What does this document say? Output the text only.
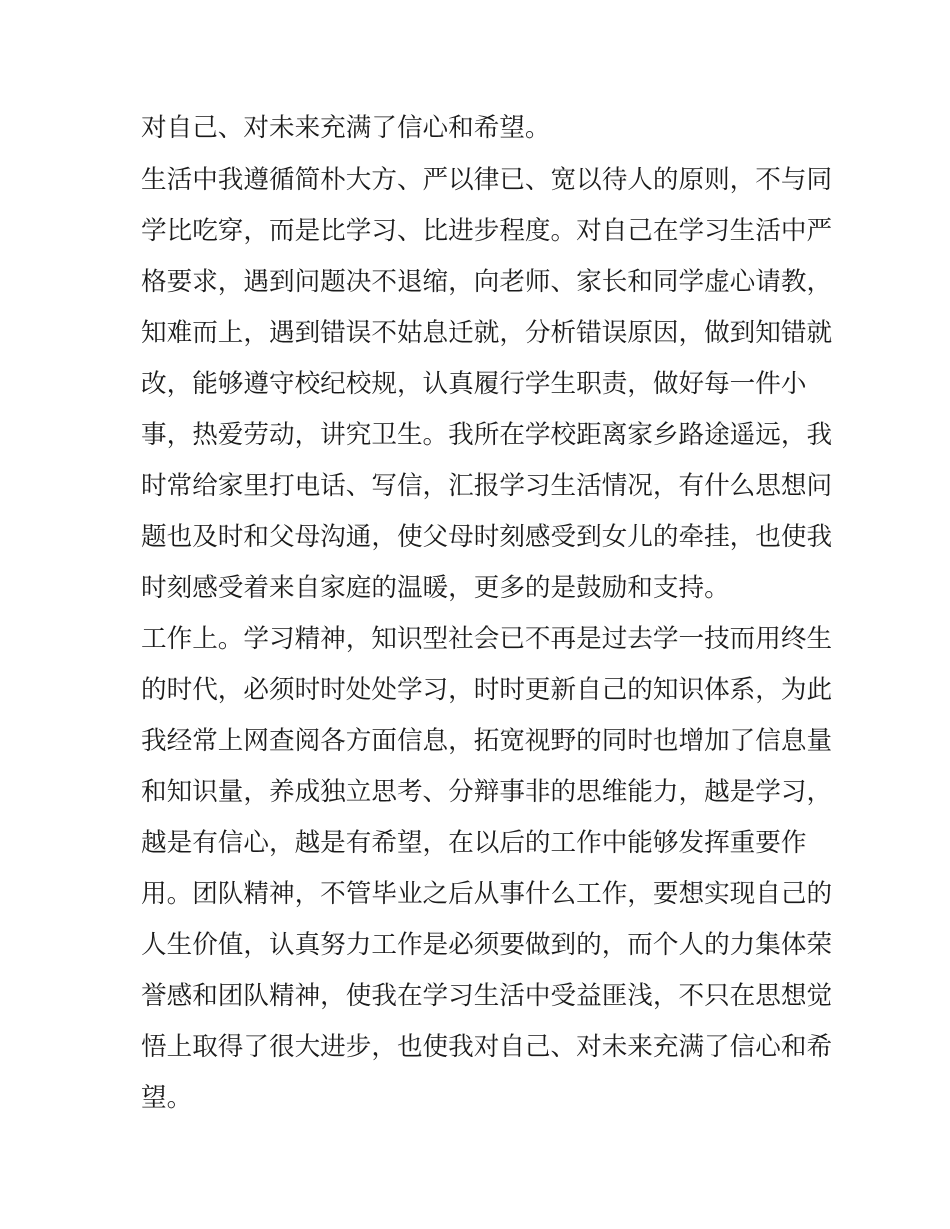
对自己、对未来充满了信心和希望。
生活中我遵循简朴大方、严以律已、宽以待人的原则，不与同
学比吃穿，而是比学习、比进步程度。对自己在学习生活中严
格要求，遇到问题决不退缩，向老师、家长和同学虚心请教，
知难而上，遇到错误不姑息迁就，分析错误原因，做到知错就
改，能够遵守校纪校规，认真履行学生职责，做好每一件小
事，热爱劳动，讲究卫生。我所在学校距离家乡路途遥远，我
时常给家里打电话、写信，汇报学习生活情况，有什么思想问
题也及时和父母沟通，使父母时刻感受到女儿的牵挂，也使我
时刻感受着来自家庭的温暖，更多的是鼓励和支持。
工作上。学习精神，知识型社会已不再是过去学一技而用终生
的时代，必须时时处处学习，时时更新自己的知识体系，为此
我经常上网查阅各方面信息，拓宽视野的同时也增加了信息量
和知识量，养成独立思考、分辩事非的思维能力，越是学习，
越是有信心，越是有希望，在以后的工作中能够发挥重要作
用。团队精神，不管毕业之后从事什么工作，要想实现自己的
人生价值，认真努力工作是必须要做到的，而个人的力集体荣
誉感和团队精神，使我在学习生活中受益匪浅，不只在思想觉
悟上取得了很大进步，也使我对自己、对未来充满了信心和希
望。
